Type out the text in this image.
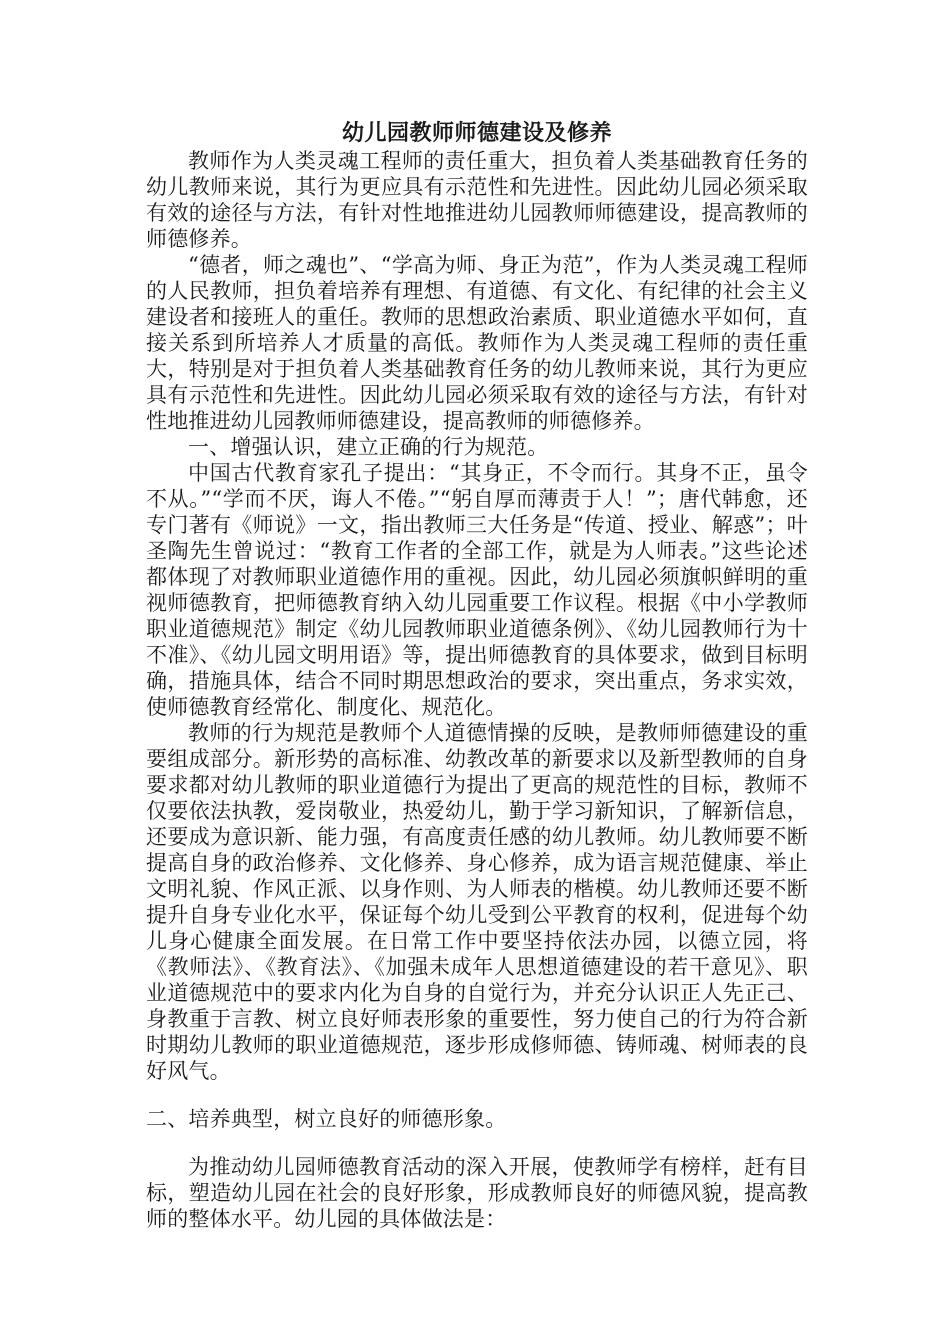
幼儿园教师师德建设及修养

教师作为人类灵魂工程师的责任重大，担负着人类基础教育任务的幼儿教师来说，其行为更应具有示范性和先进性。因此幼儿园必须采取有效的途径与方法，有针对性地推进幼儿园教师师德建设，提高教师的师德修养。

“德者，师之魂也”、“学高为师、身正为范”，作为人类灵魂工程师的人民教师，担负着培养有理想、有道德、有文化、有纪律的社会主义建设者和接班人的重任。教师的思想政治素质、职业道德水平如何，直接关系到所培养人才质量的高低。教师作为人类灵魂工程师的责任重大，特别是对于担负着人类基础教育任务的幼儿教师来说，其行为更应具有示范性和先进性。因此幼儿园必须采取有效的途径与方法，有针对性地推进幼儿园教师师德建设，提高教师的师德修养。

一、增强认识，建立正确的行为规范。

中国古代教育家孔子提出：“其身正，不令而行。其身不正，虽令不从。”“学而不厌，诲人不倦。”“躬自厚而薄责于人！”；唐代韩愈，还专门著有《师说》一文，指出教师三大任务是“传道、授业、解惑”；叶圣陶先生曾说过：“教育工作者的全部工作，就是为人师表。”这些论述都体现了对教师职业道德作用的重视。因此，幼儿园必须旗帜鲜明的重视师德教育，把师德教育纳入幼儿园重要工作议程。根据《中小学教师职业道德规范》制定《幼儿园教师职业道德条例》、《幼儿园教师行为十不准》、《幼儿园文明用语》等，提出师德教育的具体要求，做到目标明确，措施具体，结合不同时期思想政治的要求，突出重点，务求实效，使师德教育经常化、制度化、规范化。

教师的行为规范是教师个人道德情操的反映，是教师师德建设的重要组成部分。新形势的高标准、幼教改革的新要求以及新型教师的自身要求都对幼儿教师的职业道德行为提出了更高的规范性的目标，教师不仅要依法执教，爱岗敬业，热爱幼儿，勤于学习新知识，了解新信息，还要成为意识新、能力强，有高度责任感的幼儿教师。幼儿教师要不断提高自身的政治修养、文化修养、身心修养，成为语言规范健康、举止文明礼貌、作风正派、以身作则、为人师表的楷模。幼儿教师还要不断提升自身专业化水平，保证每个幼儿受到公平教育的权利，促进每个幼儿身心健康全面发展。在日常工作中要坚持依法办园，以德立园，将《教师法》、《教育法》、《加强未成年人思想道德建设的若干意见》、职业道德规范中的要求内化为自身的自觉行为，并充分认识正人先正己、身教重于言教、树立良好师表形象的重要性，努力使自己的行为符合新时期幼儿教师的职业道德规范，逐步形成修师德、铸师魂、树师表的良好风气。

二、培养典型，树立良好的师德形象。

为推动幼儿园师德教育活动的深入开展，使教师学有榜样，赶有目标，塑造幼儿园在社会的良好形象，形成教师良好的师德风貌，提高教师的整体水平。幼儿园的具体做法是：
